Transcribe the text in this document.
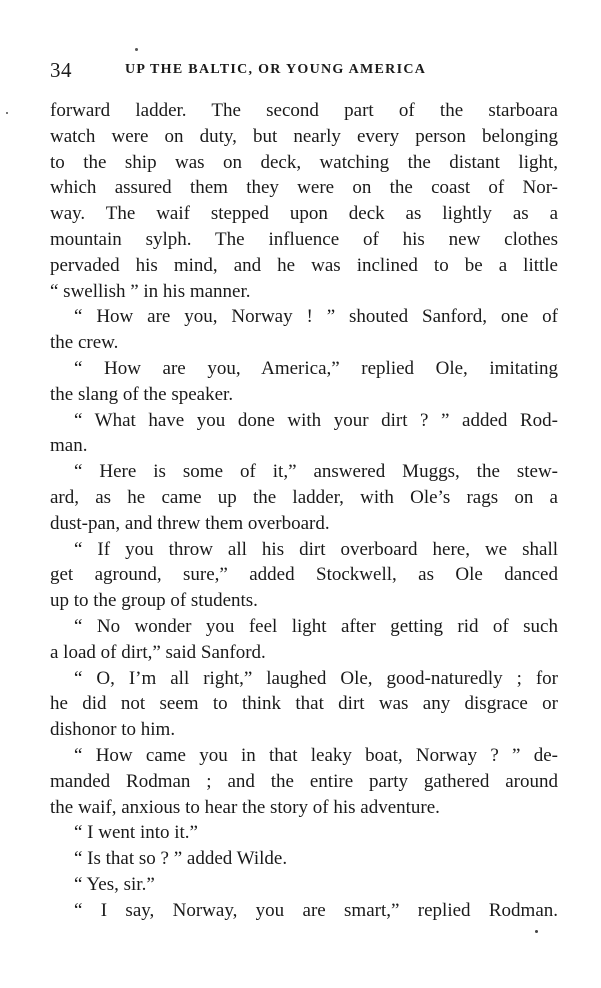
34	UP THE BALTIC, OR YOUNG AMERICA
forward ladder. The second part of the starboara
watch were on duty, but nearly every person belonging
to the ship was on deck, watching the distant light,
which assured them they were on the coast of Nor-
way. The waif stepped upon deck as lightly as a
mountain sylph. The influence of his new clothes
pervaded his mind, and he was inclined to be a little
“ swellish ” in his manner.
“ How are you, Norway ! ” shouted Sanford, one of
the crew.
“ How are you, America,” replied Ole, imitating
the slang of the speaker.
“ What have you done with your dirt ? ” added Rod-
man.
“ Here is some of it,” answered Muggs, the stew-
ard, as he came up the ladder, with Ole’s rags on a
dust-pan, and threw them overboard.
“ If you throw all his dirt overboard here, we shall
get aground, sure,” added Stockwell, as Ole danced
up to the group of students.
“ No wonder you feel light after getting rid of such
a load of dirt,” said Sanford.
“ O, I’m all right,” laughed Ole, good-naturedly ; for
he did not seem to think that dirt was any disgrace or
dishonor to him.
“ How came you in that leaky boat, Norway ? ” de-
manded Rodman ; and the entire party gathered around
the waif, anxious to hear the story of his adventure.
“ I went into it.”
“ Is that so ? ” added Wilde.
“ Yes, sir.”
“ I say, Norway, you are smart,” replied Rodman.
